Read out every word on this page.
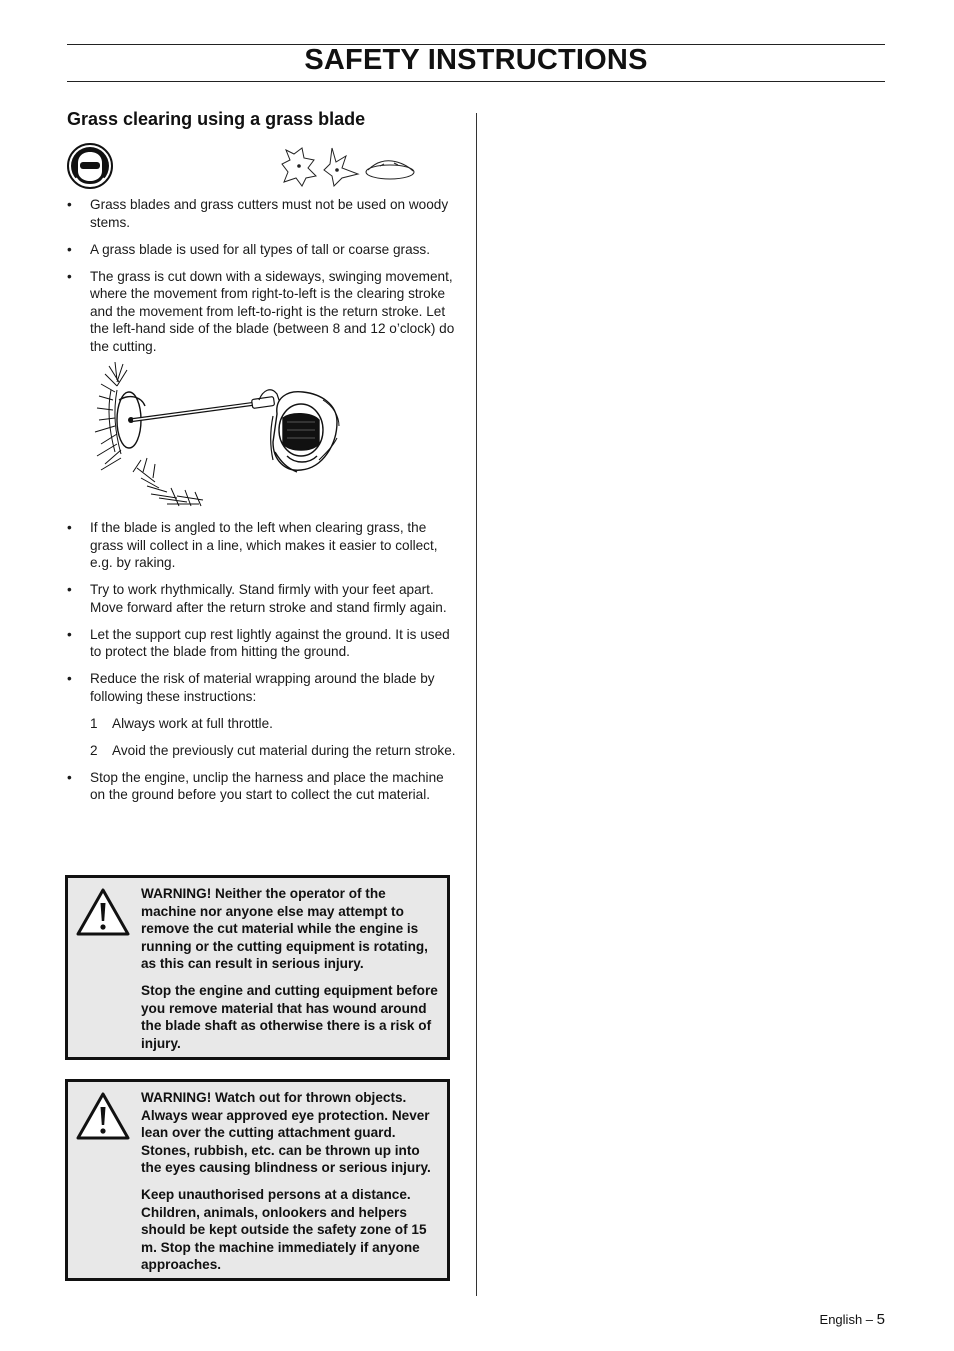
SAFETY INSTRUCTIONS
Grass clearing using a grass blade
• Grass blades and grass cutters must not be used on woody stems.
• A grass blade is used for all types of tall or coarse grass.
• The grass is cut down with a sideways, swinging movement, where the movement from right-to-left is the clearing stroke and the movement from left-to-right is the return stroke. Let the left-hand side of the blade (between 8 and 12 o’clock) do the cutting.
• If the blade is angled to the left when clearing grass, the grass will collect in a line, which makes it easier to collect, e.g. by raking.
• Try to work rhythmically. Stand firmly with your feet apart. Move forward after the return stroke and stand firmly again.
• Let the support cup rest lightly against the ground. It is used to protect the blade from hitting the ground.
• Reduce the risk of material wrapping around the blade by following these instructions:
1 Always work at full throttle.
2 Avoid the previously cut material during the return stroke.
• Stop the engine, unclip the harness and place the machine on the ground before you start to collect the cut material.

WARNING! Neither the operator of the machine nor anyone else may attempt to remove the cut material while the engine is running or the cutting equipment is rotating, as this can result in serious injury.

Stop the engine and cutting equipment before you remove material that has wound around the blade shaft as otherwise there is a risk of injury.

WARNING! Watch out for thrown objects. Always wear approved eye protection. Never lean over the cutting attachment guard. Stones, rubbish, etc. can be thrown up into the eyes causing blindness or serious injury.

Keep unauthorised persons at a distance. Children, animals, onlookers and helpers should be kept outside the safety zone of 15 m. Stop the machine immediately if anyone approaches.

English – 5
